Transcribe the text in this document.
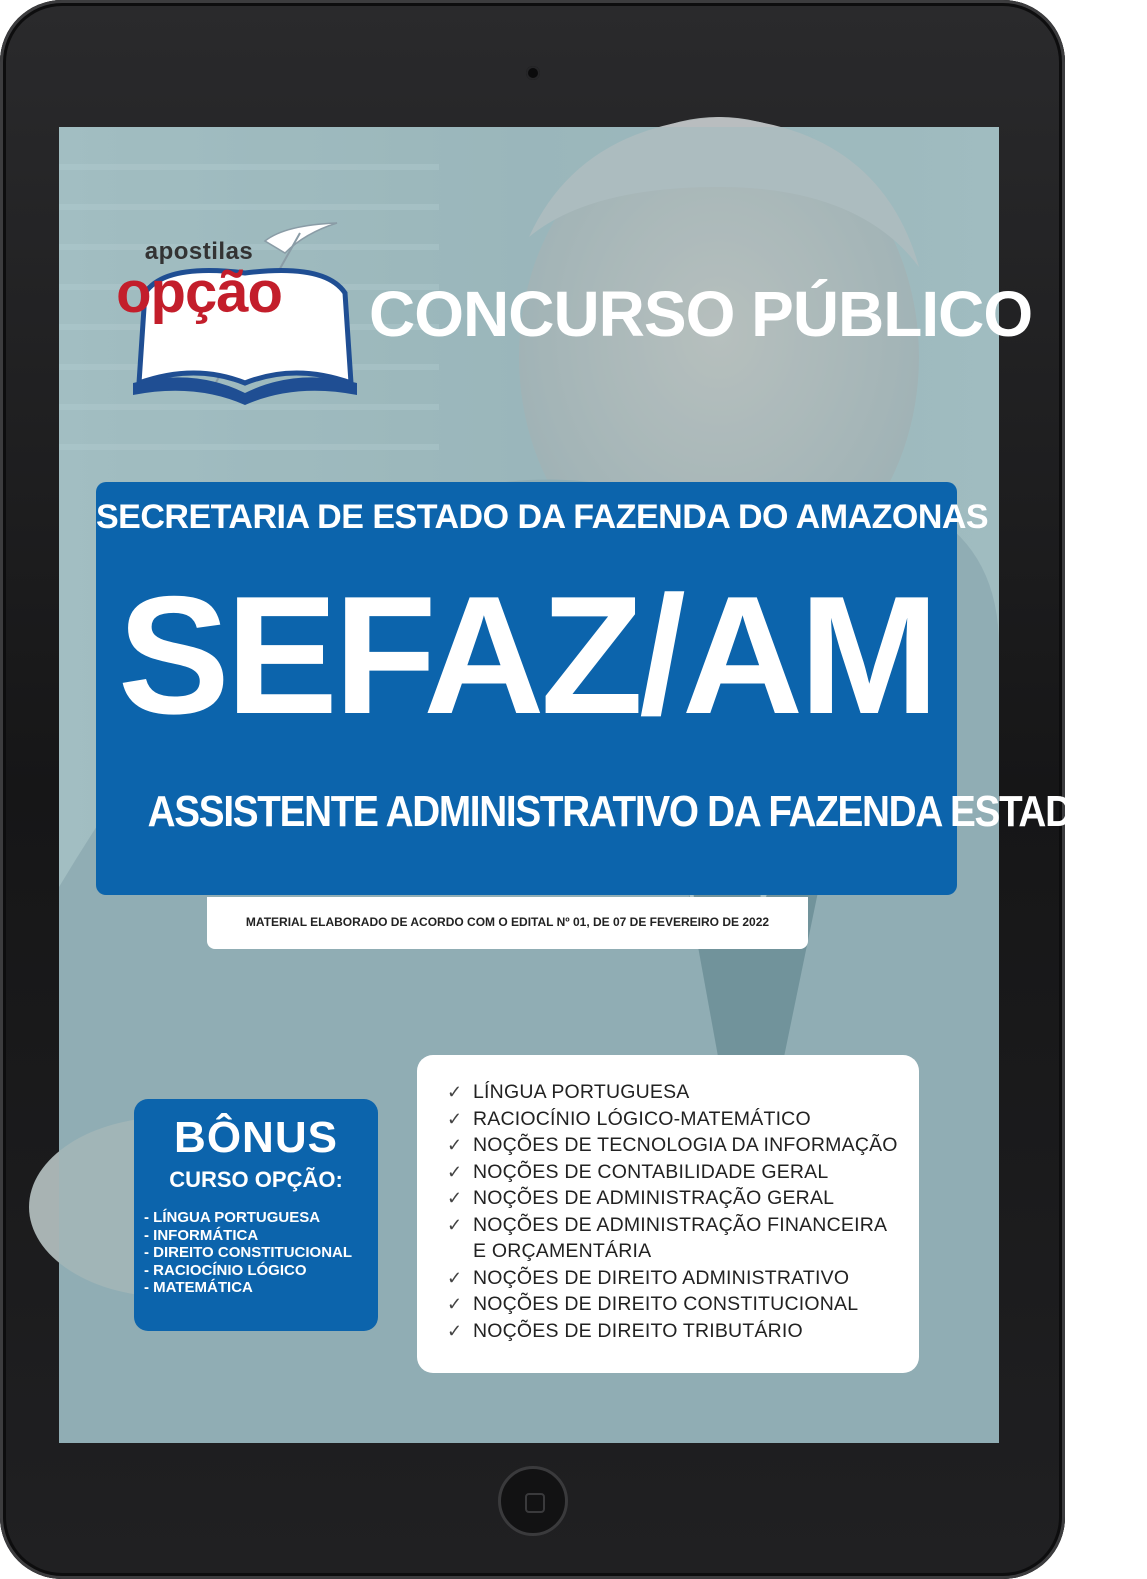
apostilas
opção CONCURSO PÚBLICO
SECRETARIA DE ESTADO DA FAZENDA DO AMAZONAS
SEFAZ/AM
ASSISTENTE ADMINISTRATIVO DA FAZENDA ESTADUAL
MATERIAL ELABORADO DE ACORDO COM O EDITAL Nº 01, DE 07 DE FEVEREIRO DE 2022
✓ LÍNGUA PORTUGUESA
✓ RACIOCÍNIO LÓGICO-MATEMÁTICO
✓ NOÇÕES DE TECNOLOGIA DA INFORMAÇÃO
✓ NOÇÕES DE CONTABILIDADE GERAL
✓ NOÇÕES DE ADMINISTRAÇÃO GERAL
✓ NOÇÕES DE ADMINISTRAÇÃO FINANCEIRA
E ORÇAMENTÁRIA
✓ NOÇÕES DE DIREITO ADMINISTRATIVO
✓ NOÇÕES DE DIREITO CONSTITUCIONAL
✓ NOÇÕES DE DIREITO TRIBUTÁRIO
BÔNUS
CURSO OPÇÃO:
- LÍNGUA PORTUGUESA
- INFORMÁTICA
- DIREITO CONSTITUCIONAL
- RACIOCÍNIO LÓGICO
- MATEMÁTICA
